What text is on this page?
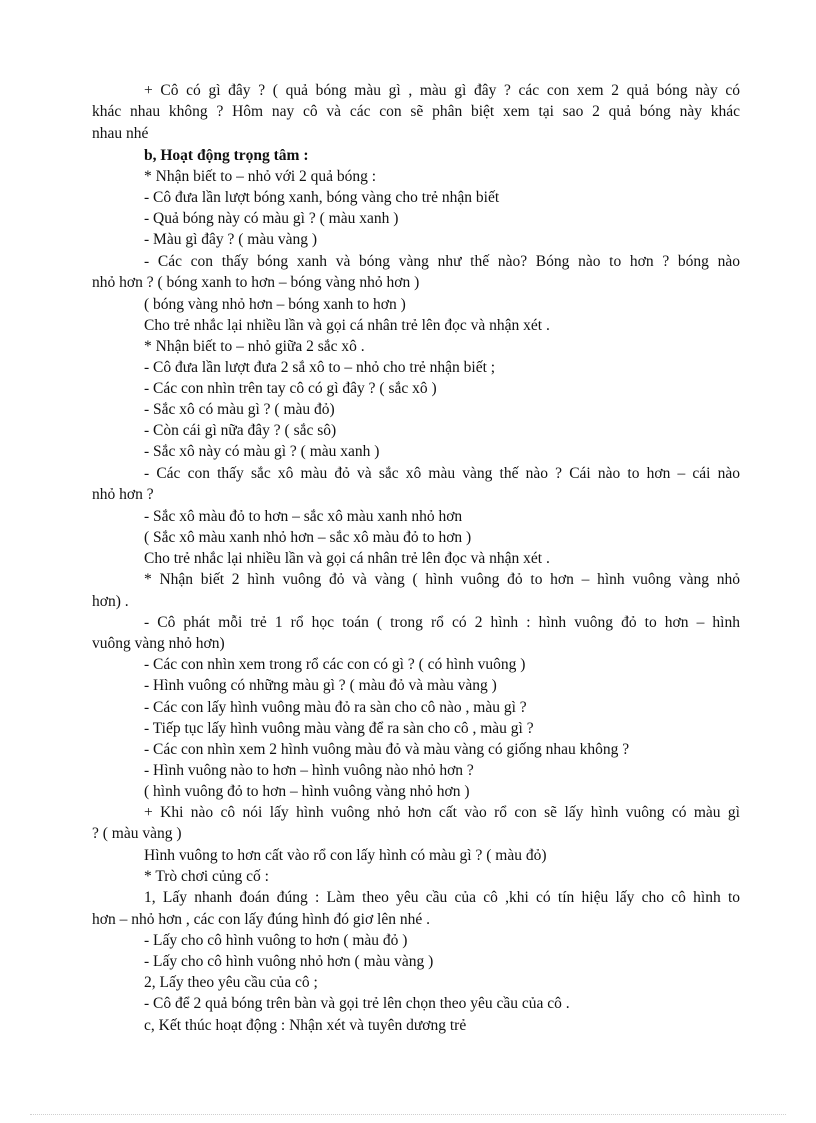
+ Cô có gì đây ? ( quả bóng màu gì , màu gì đây ? các con xem 2 quả bóng này có
khác nhau không ? Hôm nay cô và các con sẽ phân biệt xem tại sao 2 quả bóng này khác
nhau nhé
b, Hoạt động trọng tâm :
* Nhận biết to – nhỏ với 2 quả bóng :
- Cô đưa lần lượt bóng xanh, bóng vàng cho trẻ nhận biết
- Quả bóng này có màu gì ? ( màu xanh )
- Màu gì đây ? ( màu vàng )
- Các con thấy bóng xanh và bóng vàng như thế nào? Bóng nào to hơn ? bóng nào
nhỏ hơn ? ( bóng xanh to hơn – bóng vàng nhỏ hơn )
( bóng vàng nhỏ hơn – bóng xanh to hơn )
Cho trẻ nhắc lại nhiều lần và gọi cá nhân trẻ lên đọc và nhận xét .
* Nhận biết to – nhỏ giữa 2 sắc xô .
- Cô đưa lần lượt đưa 2 sắ xô to – nhỏ cho trẻ nhận biết ;
- Các con nhìn trên tay cô có gì đây ? ( sắc xô )
- Sắc xô có màu gì ? ( màu đỏ)
- Còn cái gì nữa đây ? ( sắc sô)
- Sắc xô này có màu gì ? ( màu xanh )
- Các con thấy sắc xô màu đỏ và sắc xô màu vàng thế nào ? Cái nào to hơn – cái nào
nhỏ hơn ?
- Sắc xô màu đỏ to hơn – sắc xô màu xanh nhỏ hơn
( Sắc xô màu xanh nhỏ hơn – sắc xô màu đỏ to hơn )
Cho trẻ nhắc lại nhiều lần và gọi cá nhân trẻ lên đọc và nhận xét .
* Nhận biết 2 hình vuông đỏ và vàng ( hình vuông đỏ to hơn – hình vuông vàng nhỏ
hơn) .
- Cô phát mỗi trẻ 1 rổ học toán ( trong rổ có 2 hình : hình vuông đỏ to hơn – hình
vuông vàng nhỏ hơn)
- Các con nhìn xem trong rổ các con có gì ? ( có hình vuông )
- Hình vuông có những màu gì ? ( màu đỏ và màu vàng )
- Các con lấy hình vuông màu đỏ ra sàn cho cô nào , màu gì ?
- Tiếp tục lấy hình vuông màu vàng để ra sàn cho cô , màu gì ?
- Các con nhìn xem 2 hình vuông màu đỏ và màu vàng có giống nhau không ?
- Hình vuông nào to hơn – hình vuông nào nhỏ hơn ?
( hình vuông đỏ to hơn – hình vuông vàng nhỏ hơn )
+ Khi nào cô nói lấy hình vuông nhỏ hơn cất vào rổ con sẽ lấy hình vuông có màu gì
? ( màu vàng )
Hình vuông to hơn cất vào rổ con lấy hình có màu gì ? ( màu đỏ)
* Trò chơi củng cố :
1, Lấy nhanh đoán đúng : Làm theo yêu cầu của cô ,khi có tín hiệu lấy cho cô hình to
hơn – nhỏ hơn , các con lấy đúng hình đó giơ lên nhé .
- Lấy cho cô hình vuông to hơn ( màu đỏ )
- Lấy cho cô hình vuông nhỏ hơn ( màu vàng )
2, Lấy theo yêu cầu của cô ;
- Cô để 2 quả bóng trên bàn và gọi trẻ lên chọn theo yêu cầu của cô .
c, Kết thúc hoạt động : Nhận xét và tuyên dương trẻ
